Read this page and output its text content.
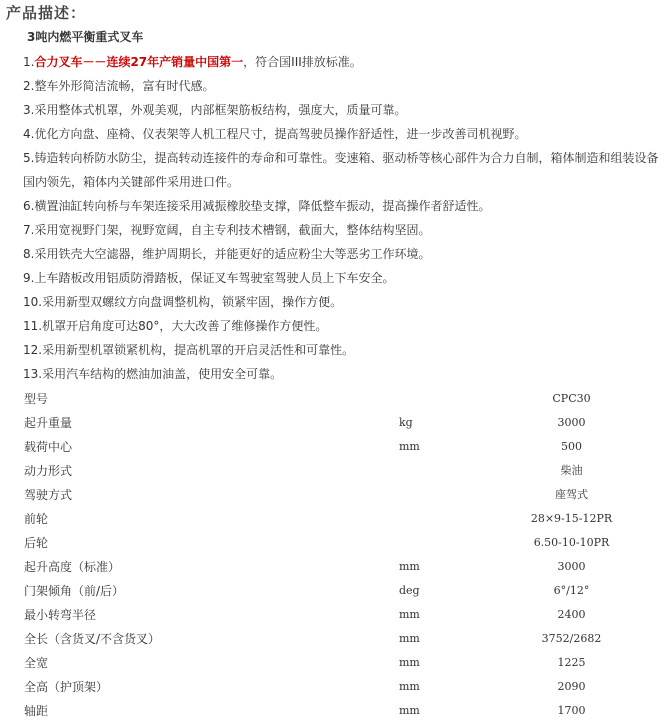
产品描述：
3吨内燃平衡重式叉车

1.合力叉车－－连续27年产销量中国第一，符合国III排放标准。

2.整车外形简洁流畅，富有时代感。

3.采用整体式机罩，外观美观，内部框架筋板结构，强度大，质量可靠。

4.优化方向盘、座椅、仪表架等人机工程尺寸，提高驾驶员操作舒适性，进一步改善司机视野。

5.铸造转向桥防水防尘，提高转动连接件的寿命和可靠性。变速箱、驱动桥等核心部件为合力自制，箱体制造和组装设备国内领先，箱体内关键部件采用进口件。

6.横置油缸转向桥与车架连接采用减振橡胶垫支撑，降低整车振动，提高操作者舒适性。

7.采用宽视野门架，视野宽阔，自主专利技术槽钢，截面大，整体结构坚固。

8.采用铁壳大空滤器，维护周期长，并能更好的适应粉尘大等恶劣工作环境。

9.上车踏板改用铝质防滑踏板，保证叉车驾驶室驾驶人员上下车安全。

10.采用新型双螺纹方向盘调整机构，锁紧牢固，操作方便。

11.机罩开启角度可达80°，大大改善了维修操作方便性。

12.采用新型机罩锁紧机构，提高机罩的开启灵活性和可靠性。

13.采用汽车结构的燃油加油盖，使用安全可靠。

型号		CPC30
起升重量	kg	3000
载荷中心	mm	500
动力形式		柴油
驾驶方式		座驾式
前轮		28×9-15-12PR
后轮		6.50-10-10PR
起升高度（标准）	mm	3000
门架倾角（前/后）	deg	6°/12°
最小转弯半径	mm	2400
全长（含货叉/不含货叉）	mm	3752/2682
全宽	mm	1225
全高（护顶架）	mm	2090
轴距	mm	1700
